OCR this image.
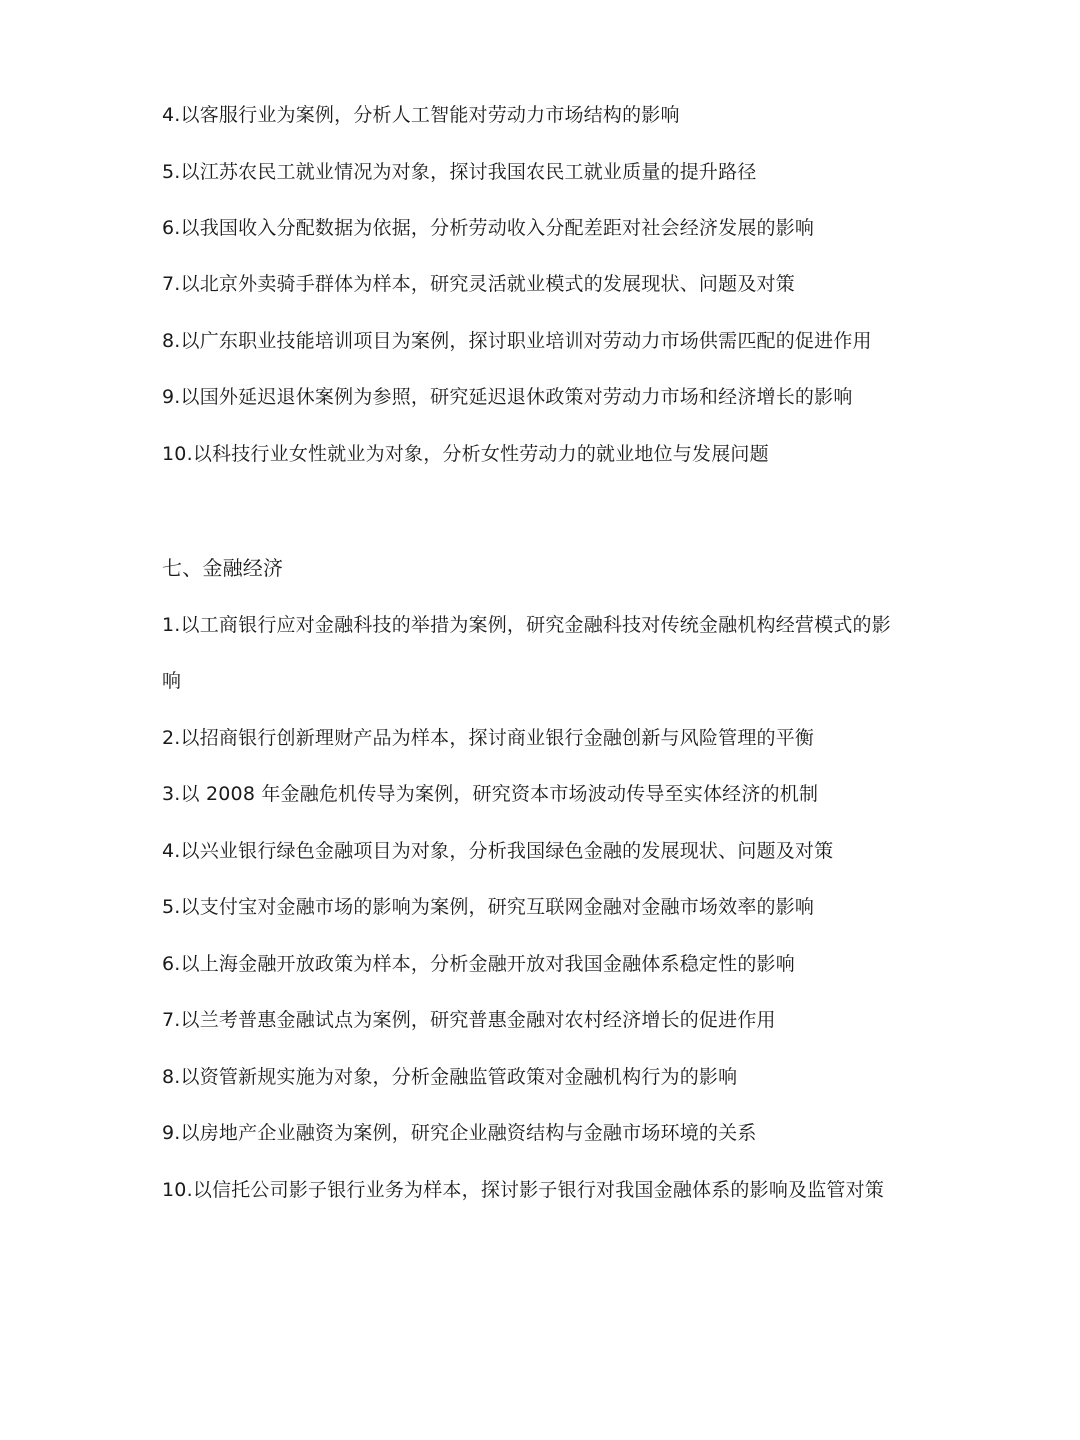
4.以客服行业为案例，分析人工智能对劳动力市场结构的影响
5.以江苏农民工就业情况为对象，探讨我国农民工就业质量的提升路径
6.以我国收入分配数据为依据，分析劳动收入分配差距对社会经济发展的影响
7.以北京外卖骑手群体为样本，研究灵活就业模式的发展现状、问题及对策
8.以广东职业技能培训项目为案例，探讨职业培训对劳动力市场供需匹配的促进作用
9.以国外延迟退休案例为参照，研究延迟退休政策对劳动力市场和经济增长的影响
10.以科技行业女性就业为对象，分析女性劳动力的就业地位与发展问题
七、金融经济
1.以工商银行应对金融科技的举措为案例，研究金融科技对传统金融机构经营模式的影
响
2.以招商银行创新理财产品为样本，探讨商业银行金融创新与风险管理的平衡
3.以 2008 年金融危机传导为案例，研究资本市场波动传导至实体经济的机制
4.以兴业银行绿色金融项目为对象，分析我国绿色金融的发展现状、问题及对策
5.以支付宝对金融市场的影响为案例，研究互联网金融对金融市场效率的影响
6.以上海金融开放政策为样本，分析金融开放对我国金融体系稳定性的影响
7.以兰考普惠金融试点为案例，研究普惠金融对农村经济增长的促进作用
8.以资管新规实施为对象，分析金融监管政策对金融机构行为的影响
9.以房地产企业融资为案例，研究企业融资结构与金融市场环境的关系
10.以信托公司影子银行业务为样本，探讨影子银行对我国金融体系的影响及监管对策
